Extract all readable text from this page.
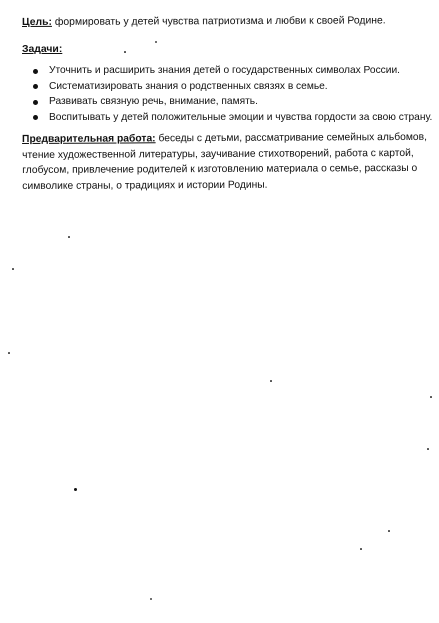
Цель: формировать у детей чувства патриотизма и любви к своей Родине.
Задачи:
Уточнить и расширить знания детей о государственных символах России.
Систематизировать знания о родственных связях в семье.
Развивать связную речь, внимание, память.
Воспитывать у детей положительные эмоции и чувства гордости за свою страну.
Предварительная работа: беседы с детьми, рассматривание семейных альбомов, чтение художественной литературы, заучивание стихотворений, работа с картой, глобусом, привлечение родителей к изготовлению материала о семье, рассказы о символике страны, о традициях и истории Родины.
